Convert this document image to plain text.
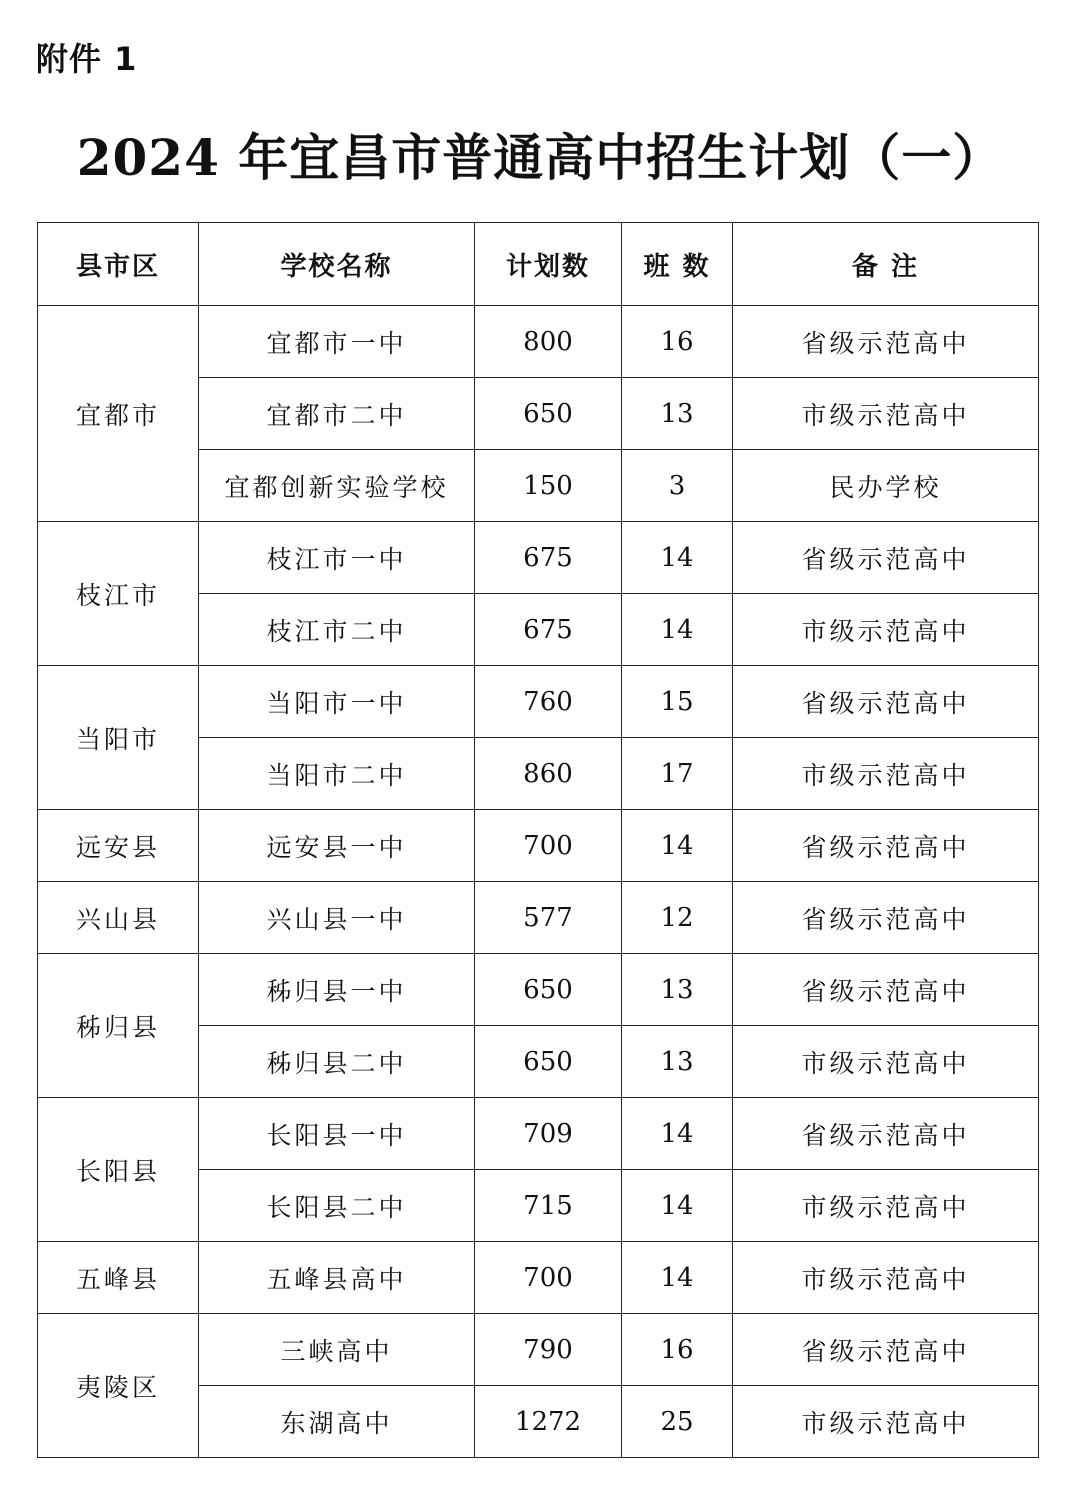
附件 1
2024 年宜昌市普通高中招生计划（一）
县市区	学校名称	计划数	班 数	备 注
宜都市	宜都市一中	800	16	省级示范高中
	宜都市二中	650	13	市级示范高中
	宜都创新实验学校	150	3	民办学校
枝江市	枝江市一中	675	14	省级示范高中
	枝江市二中	675	14	市级示范高中
当阳市	当阳市一中	760	15	省级示范高中
	当阳市二中	860	17	市级示范高中
远安县	远安县一中	700	14	省级示范高中
兴山县	兴山县一中	577	12	省级示范高中
秭归县	秭归县一中	650	13	省级示范高中
	秭归县二中	650	13	市级示范高中
长阳县	长阳县一中	709	14	省级示范高中
	长阳县二中	715	14	市级示范高中
五峰县	五峰县高中	700	14	市级示范高中
夷陵区	三峡高中	790	16	省级示范高中
	东湖高中	1272	25	市级示范高中
